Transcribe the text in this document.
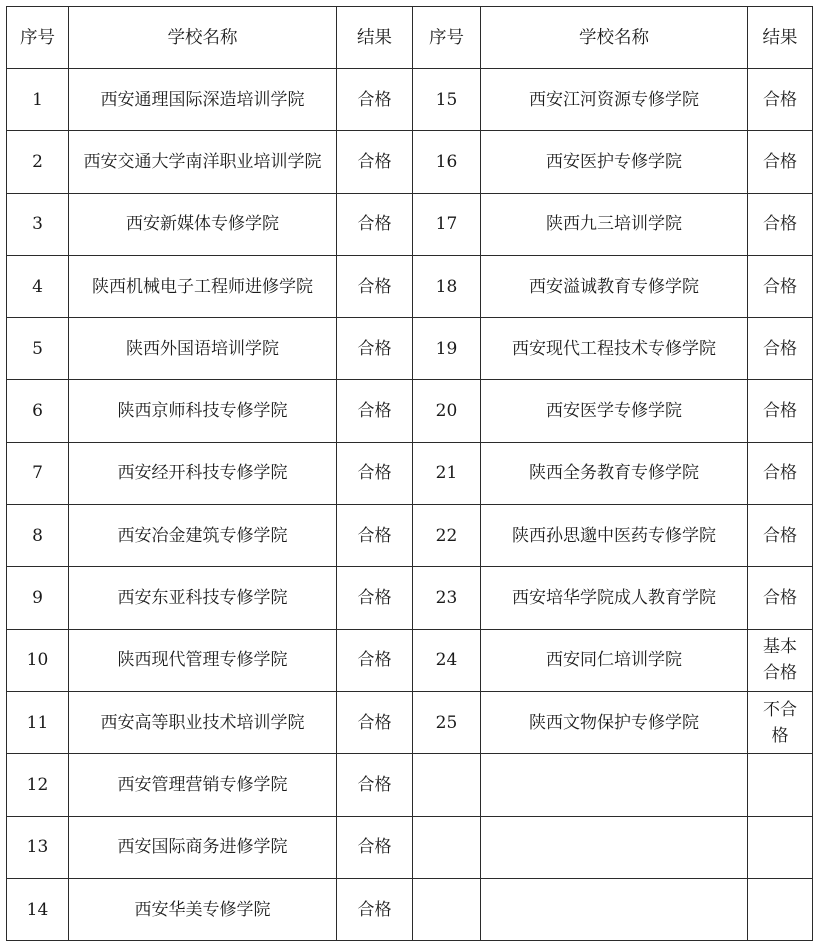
序号	学校名称	结果	序号	学校名称	结果
1	西安通理国际深造培训学院	合格	15	西安江河资源专修学院	合格
2	西安交通大学南洋职业培训学院	合格	16	西安医护专修学院	合格
3	西安新媒体专修学院	合格	17	陕西九三培训学院	合格
4	陕西机械电子工程师进修学院	合格	18	西安溢诚教育专修学院	合格
5	陕西外国语培训学院	合格	19	西安现代工程技术专修学院	合格
6	陕西京师科技专修学院	合格	20	西安医学专修学院	合格
7	西安经开科技专修学院	合格	21	陕西全务教育专修学院	合格
8	西安冶金建筑专修学院	合格	22	陕西孙思邈中医药专修学院	合格
9	西安东亚科技专修学院	合格	23	西安培华学院成人教育学院	合格
10	陕西现代管理专修学院	合格	24	西安同仁培训学院	基本合格
11	西安高等职业技术培训学院	合格	25	陕西文物保护专修学院	不合格
12	西安管理营销专修学院	合格			
13	西安国际商务进修学院	合格			
14	西安华美专修学院	合格			
